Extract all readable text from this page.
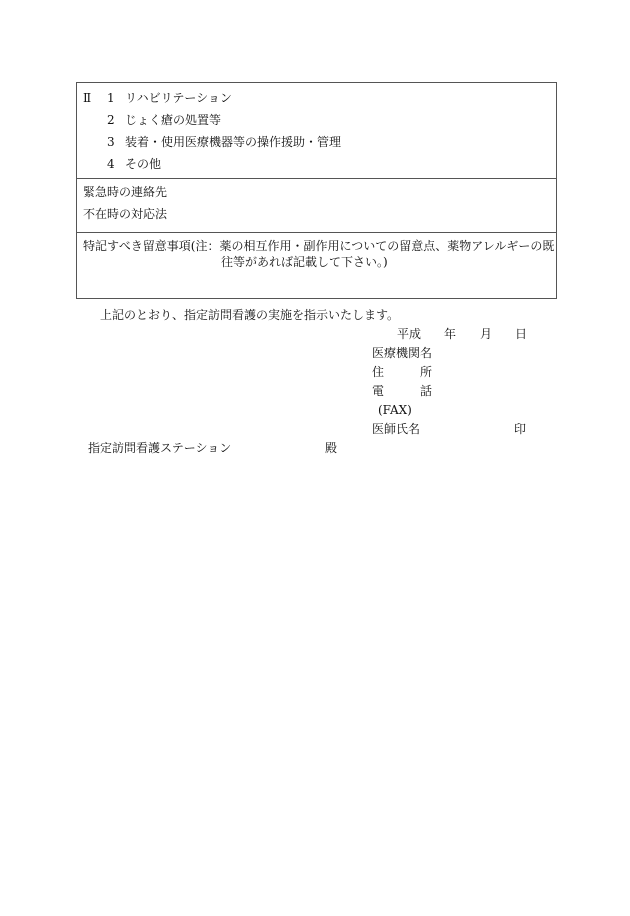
Ⅱ 1 リハビリテーション
2 じょく瘡の処置等
3 装着・使用医療機器等の操作援助・管理
4 その他
緊急時の連絡先
不在時の対応法
特記すべき留意事項(注：薬の相互作用・副作用についての留意点、薬物アレルギーの既
往等があれば記載して下さい。)
上記のとおり、指定訪問看護の実施を指示いたします。
平成 年 月 日
医療機関名
住	所
電	話
(FAX)
医師氏名	印
指定訪問看護ステーション	殿
